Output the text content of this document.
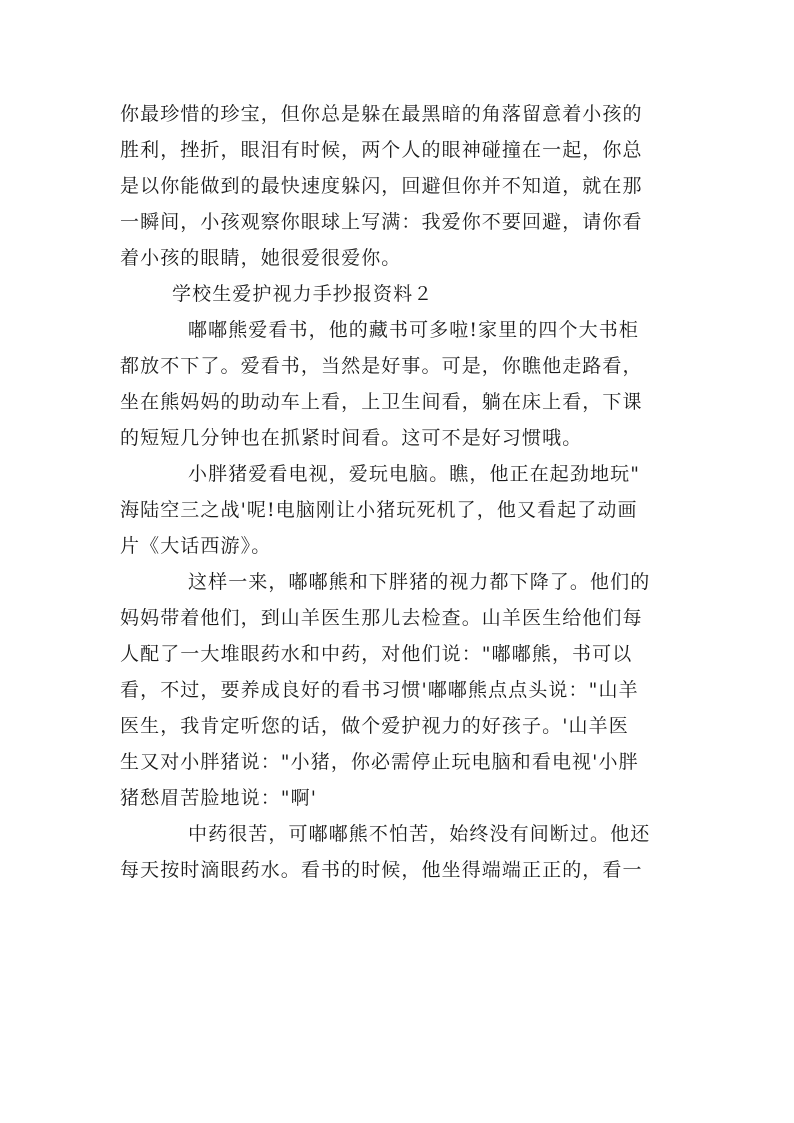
你最珍惜的珍宝，但你总是躲在最黑暗的角落留意着小孩的
胜利，挫折，眼泪有时候，两个人的眼神碰撞在一起，你总
是以你能做到的最快速度躲闪，回避但你并不知道，就在那
一瞬间，小孩观察你眼球上写满：我爱你不要回避，请你看
着小孩的眼睛，她很爱很爱你。
学校生爱护视力手抄报资料２
嘟嘟熊爱看书，他的藏书可多啦!家里的四个大书柜
都放不下了。爱看书，当然是好事。可是，你瞧他走路看，
坐在熊妈妈的助动车上看，上卫生间看，躺在床上看，下课
的短短几分钟也在抓紧时间看。这可不是好习惯哦。
小胖猪爱看电视，爱玩电脑。瞧，他正在起劲地玩"
海陆空三之战'呢!电脑刚让小猪玩死机了，他又看起了动画
片《大话西游》。
这样一来，嘟嘟熊和下胖猪的视力都下降了。他们的
妈妈带着他们，到山羊医生那儿去检查。山羊医生给他们每
人配了一大堆眼药水和中药，对他们说："嘟嘟熊，书可以
看，不过，要养成良好的看书习惯'嘟嘟熊点点头说："山羊
医生，我肯定听您的话，做个爱护视力的好孩子。'山羊医
生又对小胖猪说："小猪，你必需停止玩电脑和看电视'小胖
猪愁眉苦脸地说："啊'
中药很苦，可嘟嘟熊不怕苦，始终没有间断过。他还
每天按时滴眼药水。看书的时候，他坐得端端正正的，看一
